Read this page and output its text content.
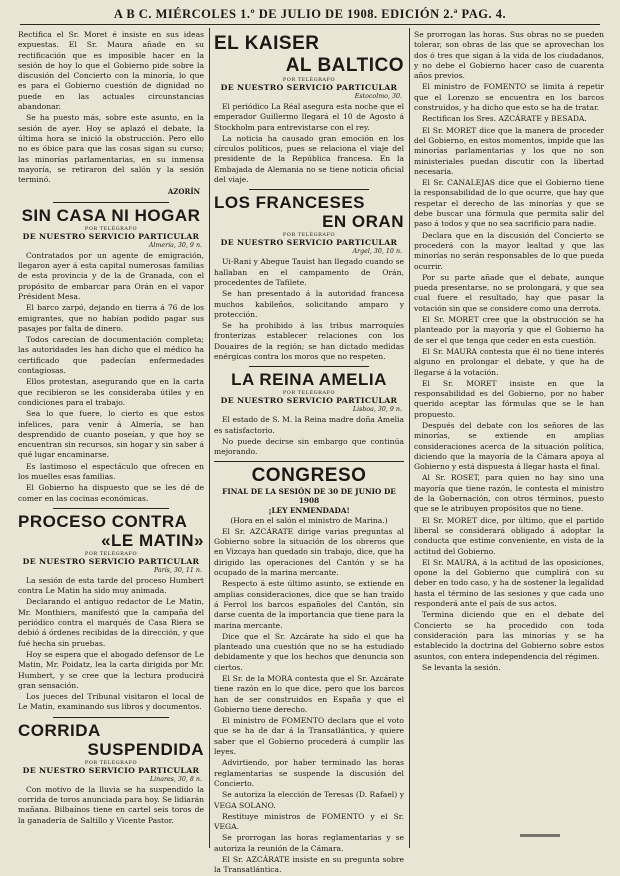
A B C. MIÉRCOLES 1.º DE JULIO DE 1908. EDICIÓN 2.ª PAG. 4.

Rectifica el Sr. Moret é insiste en sus ideas expuestas. El Sr. Maura añade en su rectificación que es imposible hacer en la sesión de hoy lo que el Gobierno pide sobre la discusión del Concierto con la minoría, lo que es para el Gobierno cuestión de dignidad no puede en las actuales circunstancias abandonar.

Se ha puesto más, sobre este asunto, en la sesión de ayer. Hoy se aplazó el debate, la última hora se inició la obstrucción. Pero ello no es óbice para que las cosas sigan su curso; las minorías parlamentarias, en su inmensa mayoría, se retiraron del salón y la sesión terminó.

AZORÍN

SIN CASA NI HOGAR
POR TELÉGRAFO
DE NUESTRO SERVICIO PARTICULAR
Almería, 30, 9 n.

Contratados por un agente de emigración, llegaron ayer á esta capital numerosas familias de esta provincia y de la de Granada, con el propósito de embarcar para Orán en el vapor Président Mesa.

El barco zarpó, dejando en tierra á 76 de los emigrantes, que no habían podido pagar sus pasajes por falta de dinero.

Todos carecían de documentación completa; las autoridades les han dicho que el médico ha certificado que padecían enfermedades contagiosas.

Ellos protestan, asegurando que en la carta que recibieron se les consideraba útiles y en condiciones para el trabajo.

Sea lo que fuere, lo cierto es que estos infelices, para venir á Almería, se han desprendido de cuanto poseían, y que hoy se encuentran sin recursos, sin hogar y sin saber á qué lugar encaminarse.

Es lastimoso el espectáculo que ofrecen en los muelles esas familias.

El Gobierno ha dispuesto que se les dé de comer en las cocinas económicas.

PROCESO CONTRA
«LE MATIN»
POR TELÉGRAFO
DE NUESTRO SERVICIO PARTICULAR
París, 30, 11 n.

La sesión de esta tarde del proceso Humbert contra Le Matin ha sido muy animada.

Declarando el antiguo redactor de Le Matin, Mr. Monthiers, manifestó que la campaña del periódico contra el marqués de Casa Riera se debió á órdenes recibidas de la dirección, y que fué hecha sin pruebas.

Hoy se espera que el abogado defensor de Le Matin, Mr. Poidatz, lea la carta dirigida por Mr. Humbert, y se cree que la lectura producirá gran sensación.

Los jueces del Tribunal visitaron el local de Le Matin, examinando sus libros y documentos.

CORRIDA
SUSPENDIDA
POR TELÉGRAFO
DE NUESTRO SERVICIO PARTICULAR
Linares, 30, 8 n.

Con motivo de la lluvia se ha suspendido la corrida de toros anunciada para hoy. Se lidiarán mañana. Bilbaínos tiene en cartel seis toros de la ganadería de Saltillo y Vicente Pastor.

EL KAISER
AL BALTICO
POR TELÉGRAFO
DE NUESTRO SERVICIO PARTICULAR
Estocolmo, 30.

El periódico La Réal asegura esta noche que el emperador Guillermo llegará el 10 de Agosto á Stockholm para entrevistarse con el rey.

La noticia ha causado gran emoción en los círculos políticos, pues se relaciona el viaje del presidente de la República francesa. En la Embajada de Alemania no se tiene noticia oficial del viaje.

LOS FRANCESES
EN ORAN
POR TELÉGRAFO
DE NUESTRO SERVICIO PARTICULAR
Argel, 30, 10 n.

Ui-Rani y Abegue Tauist han llegado cuando se hallaban en el campamento de Orán, procedentes de Tafilete.

Se han presentado á la autoridad francesa muchos kabileños, solicitando amparo y protección.

Se ha prohibido á las tribus marroquíes fronterizas establecer relaciones con los Douaires de la región; se han dictado medidas enérgicas contra los moros que no respeten.

LA REINA AMELIA
POR TELÉGRAFO
DE NUESTRO SERVICIO PARTICULAR
Lisboa, 30, 9 n.

El estado de S. M. la Reina madre doña Amelia es satisfactorio.

No puede decirse sin embargo que continúa mejorando.

CONGRESO
FINAL DE LA SESIÓN DE 30 DE JUNIO DE 1908
¡LEY ENMENDADA!

(Hora en el salón el ministro de Marina.)

El Sr. AZCÁRATE dirige varias preguntas al Gobierno sobre la situación de los obreros que en Vizcaya han quedado sin trabajo, dice, que ha dirigido las operaciones del Cantón y se ha ocupado de la marina mercante.

Respecto á este último asunto, se extiende en amplias consideraciones, dice que se han traído á Ferrol los barcos españoles del Cantón, sin darse cuenta de la importancia que tiene para la marina mercante.

Dice que el Sr. Azcárate ha sido el que ha planteado una cuestión que no se ha estudiado debidamente y que los hechos que denuncia son ciertos.

El Sr. de la MORA contesta que el Sr. Azcárate tiene razón en lo que dice, pero que los barcos han de ser construidos en España y que el Gobierno tiene derecho.

El ministro de FOMENTO declara que el voto que se ha de dar á la Transatlántica, y quiere saber que el Gobierno procederá á cumplir las leyes.

Advirtiendo, por haber terminado las horas reglamentarias se suspende la discusión del Concierto.

Se autoriza la elección de Teresas (D. Rafael) y VEGA SOLANO.

Restituye ministros de FOMENTO y el Sr. VEGA.

Se prorrogan las horas reglamentarias y se autoriza la reunión de la Cámara.

El Sr. AZCÁRATE insiste en su pregunta sobre la Transatlántica.

Se prorrogan las horas. Sus obras no se pueden tolerar, son obras de las que se aprovechan los dos ó tres que sigan á la vida de los ciudadanos, y no debe el Gobierno hacer caso de cuarenta años previos.

El ministro de FOMENTO se limita á repetir que el Lorenzo se encuentra en los barcos construidos, y ha dicho que esto se ha de tratar.

Rectifican los Sres. AZCÁRATE y BESADA.

El Sr. MORET dice que la manera de proceder del Gobierno, en estos momentos, impide que las minorías parlamentarias y los que no son ministeriales puedan discutir con la libertad necesaria.

El Sr. CANALEJAS dice que el Gobierno tiene la responsabilidad de lo que ocurre, que hay que respetar el derecho de las minorías y que se debe buscar una fórmula que permita salir del paso á todos y que no sea sacrificio para nadie.

Declara que en la discusión del Concierto se procederá con la mayor lealtad y que las minorías no serán responsables de lo que pueda ocurrir.

Por su parte añade que el debate, aunque pueda presentarse, no se prolongará, y que sea cual fuere el resultado, hay que pasar la votación sin que se considere como una derrota.

El Sr. MORET cree que la obstrucción se ha planteado por la mayoría y que el Gobierno ha de ser el que tenga que ceder en esta cuestión.

El Sr. MAURA contesta que él no tiene interés alguno en prolongar el debate, y que ha de llegarse á la votación.

El Sr. MORET insiste en que la responsabilidad es del Gobierno, por no haber querido aceptar las fórmulas que se le han propuesto.

Después del debate con los señores de las minorías, se extiende en amplias consideraciones acerca de la situación política, diciendo que la mayoría de la Cámara apoya al Gobierno y está dispuesta á llegar hasta el final.

Al Sr. ROSET, para quien no hay sino una mayoría que tiene razón, le contesta el ministro de la Gobernación, con otros términos, puesto que se le atribuyen propósitos que no tiene.

El Sr. MORET dice, por último, que el partido liberal se considerará obligado á adoptar la conducta que estime conveniente, en vista de la actitud del Gobierno.

El Sr. MAURA, á la actitud de las oposiciones, opone la del Gobierno que cumplirá con su deber en todo caso, y ha de sostener la legalidad hasta el término de las sesiones y que cada uno responderá ante el país de sus actos.

Termina diciendo que en el debate del Concierto se ha procedido con toda consideración para las minorías y se ha establecido la doctrina del Gobierno sobre estos asuntos, con entera independencia del régimen.

Se levanta la sesión.
